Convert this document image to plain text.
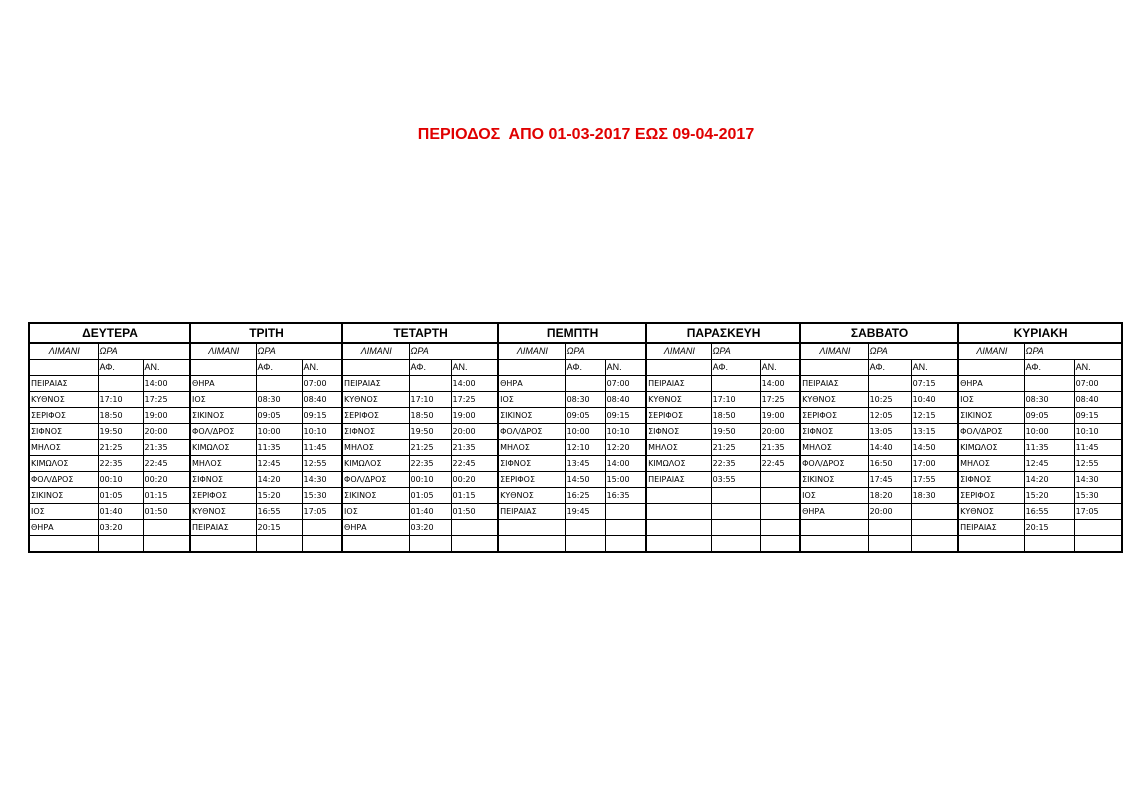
ΠΕΡΙΟΔΟΣ  ΑΠΟ 01-03-2017 ΕΩΣ 09-04-2017
ΔΕΥΤΕΡΑ			ΤΡΙΤΗ			ΤΕΤΑΡΤΗ			ΠΕΜΠΤΗ			ΠΑΡΑΣΚΕΥΗ			ΣΑΒΒΑΤΟ			ΚΥΡΙΑΚΗ		
ΛΙΜΑΝΙ	ΩΡΑ		ΛΙΜΑΝΙ	ΩΡΑ		ΛΙΜΑΝΙ	ΩΡΑ		ΛΙΜΑΝΙ	ΩΡΑ		ΛΙΜΑΝΙ	ΩΡΑ		ΛΙΜΑΝΙ	ΩΡΑ		ΛΙΜΑΝΙ	ΩΡΑ	
	ΑΦ.	ΑΝ.		ΑΦ.	ΑΝ.		ΑΦ.	ΑΝ.		ΑΦ.	ΑΝ.		ΑΦ.	ΑΝ.		ΑΦ.	ΑΝ.		ΑΦ.	ΑΝ.
ΠΕΙΡΑΙΑΣ		14:00	ΘΗΡΑ		07:00	ΠΕΙΡΑΙΑΣ		14:00	ΘΗΡΑ		07:00	ΠΕΙΡΑΙΑΣ		14:00	ΠΕΙΡΑΙΑΣ		07:15	ΘΗΡΑ		07:00
ΚΥΘΝΟΣ	17:10	17:25	ΙΟΣ	08:30	08:40	ΚΥΘΝΟΣ	17:10	17:25	ΙΟΣ	08:30	08:40	ΚΥΘΝΟΣ	17:10	17:25	ΚΥΘΝΟΣ	10:25	10:40	ΙΟΣ	08:30	08:40
ΣΕΡΙΦΟΣ	18:50	19:00	ΣΙΚΙΝΟΣ	09:05	09:15	ΣΕΡΙΦΟΣ	18:50	19:00	ΣΙΚΙΝΟΣ	09:05	09:15	ΣΕΡΙΦΟΣ	18:50	19:00	ΣΕΡΙΦΟΣ	12:05	12:15	ΣΙΚΙΝΟΣ	09:05	09:15
ΣΙΦΝΟΣ	19:50	20:00	ΦΟΛ/ΔΡΟΣ	10:00	10:10	ΣΙΦΝΟΣ	19:50	20:00	ΦΟΛ/ΔΡΟΣ	10:00	10:10	ΣΙΦΝΟΣ	19:50	20:00	ΣΙΦΝΟΣ	13:05	13:15	ΦΟΛ/ΔΡΟΣ	10:00	10:10
ΜΗΛΟΣ	21:25	21:35	ΚΙΜΩΛΟΣ	11:35	11:45	ΜΗΛΟΣ	21:25	21:35	ΜΗΛΟΣ	12:10	12:20	ΜΗΛΟΣ	21:25	21:35	ΜΗΛΟΣ	14:40	14:50	ΚΙΜΩΛΟΣ	11:35	11:45
ΚΙΜΩΛΟΣ	22:35	22:45	ΜΗΛΟΣ	12:45	12:55	ΚΙΜΩΛΟΣ	22:35	22:45	ΣΙΦΝΟΣ	13:45	14:00	ΚΙΜΩΛΟΣ	22:35	22:45	ΦΟΛ/ΔΡΟΣ	16:50	17:00	ΜΗΛΟΣ	12:45	12:55
ΦΟΛ/ΔΡΟΣ	00:10	00:20	ΣΙΦΝΟΣ	14:20	14:30	ΦΟΛ/ΔΡΟΣ	00:10	00:20	ΣΕΡΙΦΟΣ	14:50	15:00	ΠΕΙΡΑΙΑΣ	03:55		ΣΙΚΙΝΟΣ	17:45	17:55	ΣΙΦΝΟΣ	14:20	14:30
ΣΙΚΙΝΟΣ	01:05	01:15	ΣΕΡΙΦΟΣ	15:20	15:30	ΣΙΚΙΝΟΣ	01:05	01:15	ΚΥΘΝΟΣ	16:25	16:35				ΙΟΣ	18:20	18:30	ΣΕΡΙΦΟΣ	15:20	15:30
ΙΟΣ	01:40	01:50	ΚΥΘΝΟΣ	16:55	17:05	ΙΟΣ	01:40	01:50	ΠΕΙΡΑΙΑΣ	19:45					ΘΗΡΑ	20:00		ΚΥΘΝΟΣ	16:55	17:05
ΘΗΡΑ	03:20		ΠΕΙΡΑΙΑΣ	20:15		ΘΗΡΑ	03:20											ΠΕΙΡΑΙΑΣ	20:15	
